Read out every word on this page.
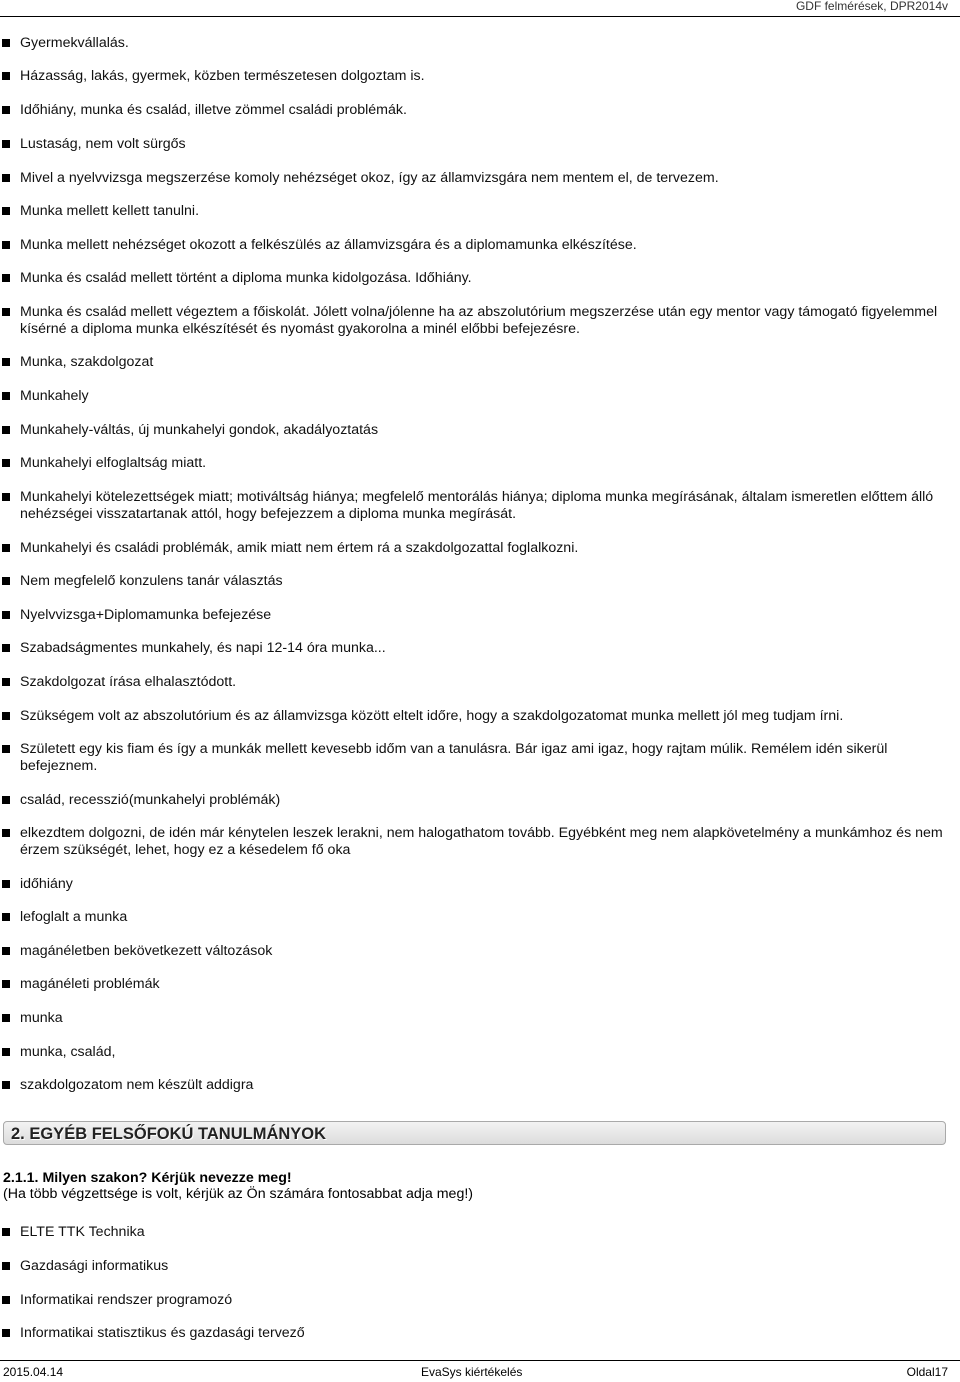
GDF felmérések, DPR2014v
Gyermekvállalás.
Házasság, lakás, gyermek, közben természetesen dolgoztam is.
Időhiány, munka és család, illetve zömmel családi problémák.
Lustaság, nem volt sürgős
Mivel a nyelvvizsga megszerzése komoly nehézséget okoz, így az államvizsgára nem mentem el, de tervezem.
Munka mellett kellett tanulni.
Munka mellett nehézséget okozott a felkészülés az államvizsgára és a diplomamunka elkészítése.
Munka és család mellett történt a diploma munka kidolgozása. Időhiány.
Munka és család mellett végeztem a főiskolát. Jólett volna/jólenne ha az abszolutórium megszerzése után egy mentor vagy támogató figyelemmel kísérné a diploma munka elkészítését és nyomást gyakorolna a minél előbbi befejezésre.
Munka, szakdolgozat
Munkahely
Munkahely-váltás, új munkahelyi gondok, akadályoztatás
Munkahelyi elfoglaltság miatt.
Munkahelyi kötelezettségek miatt; motiváltság hiánya; megfelelő mentorálás hiánya; diploma munka megírásának, általam ismeretlen előttem álló nehézségei visszatartanak attól, hogy befejezzem a diploma munka megírását.
Munkahelyi és családi problémák, amik miatt nem értem rá a szakdolgozattal foglalkozni.
Nem megfelelő konzulens tanár választás
Nyelvvizsga+Diplomamunka befejezése
Szabadságmentes munkahely, és napi 12-14 óra munka...
Szakdolgozat írása elhalasztódott.
Szükségem volt az abszolutórium és az államvizsga között eltelt időre, hogy a szakdolgozatomat munka mellett jól meg tudjam írni.
Született egy kis fiam és így a munkák mellett kevesebb időm van a tanulásra. Bár igaz ami igaz, hogy rajtam múlik. Remélem idén sikerül befejeznem.
család, recesszió(munkahelyi problémák)
elkezdtem dolgozni, de idén már kénytelen leszek lerakni, nem halogathatom tovább. Egyébként meg nem alapkövetelmény a munkámhoz és nem érzem szükségét, lehet, hogy ez a késedelem fő oka
időhiány
lefoglalt a munka
magánéletben bekövetkezett változások
magánéleti problémák
munka
munka, család,
szakdolgozatom nem készült addigra
2. EGYÉB FELSŐFOKÚ TANULMÁNYOK
2.1.1. Milyen szakon? Kérjük nevezze meg!
(Ha több végzettsége is volt, kérjük az Ön számára fontosabbat adja meg!)
ELTE TTK Technika
Gazdasági informatikus
Informatikai rendszer programozó
Informatikai statisztikus és gazdasági tervező
2015.04.14	EvaSys kiértékelés	Oldal17
